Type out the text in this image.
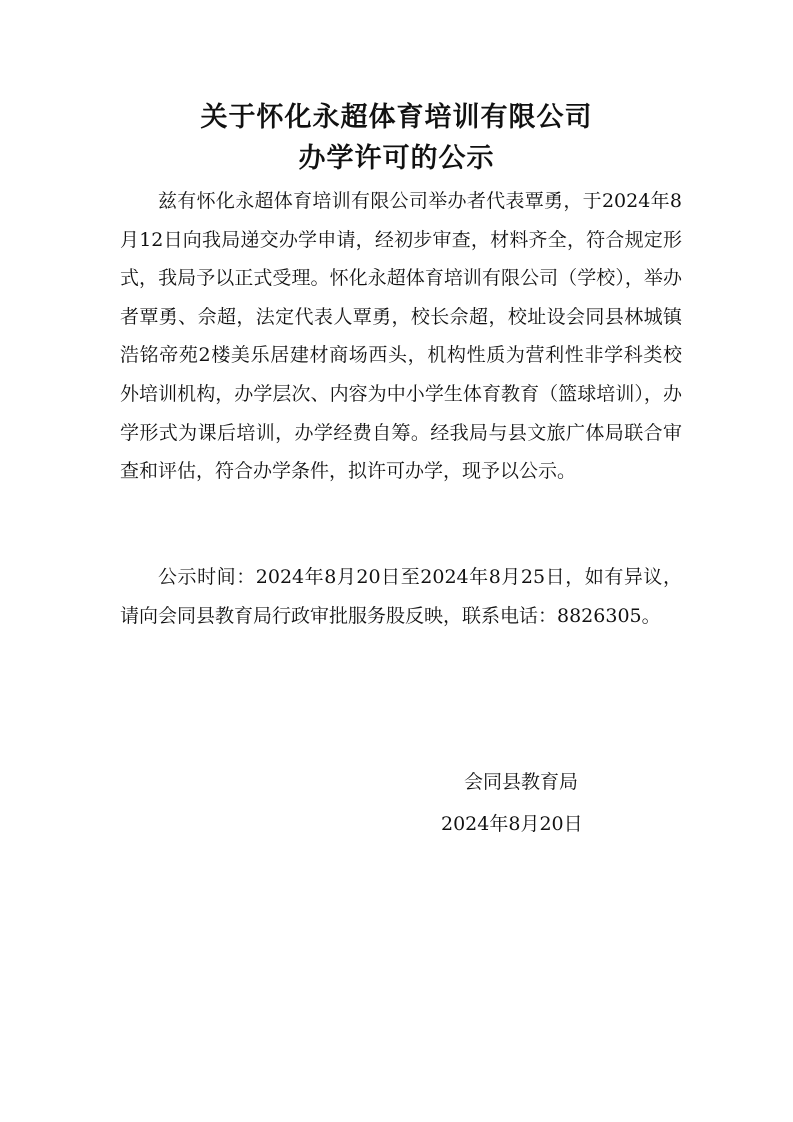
关于怀化永超体育培训有限公司
办学许可的公示

兹有怀化永超体育培训有限公司举办者代表覃勇，于2024年8月12日向我局递交办学申请，经初步审查，材料齐全，符合规定形式，我局予以正式受理。怀化永超体育培训有限公司（学校），举办者覃勇、佘超，法定代表人覃勇，校长佘超，校址设会同县林城镇浩铭帝苑2楼美乐居建材商场西头，机构性质为营利性非学科类校外培训机构，办学层次、内容为中小学生体育教育（篮球培训），办学形式为课后培训，办学经费自筹。经我局与县文旅广体局联合审查和评估，符合办学条件，拟许可办学，现予以公示。

公示时间：2024年8月20日至2024年8月25日，如有异议，请向会同县教育局行政审批服务股反映，联系电话：8826305。

会同县教育局

2024年8月20日
